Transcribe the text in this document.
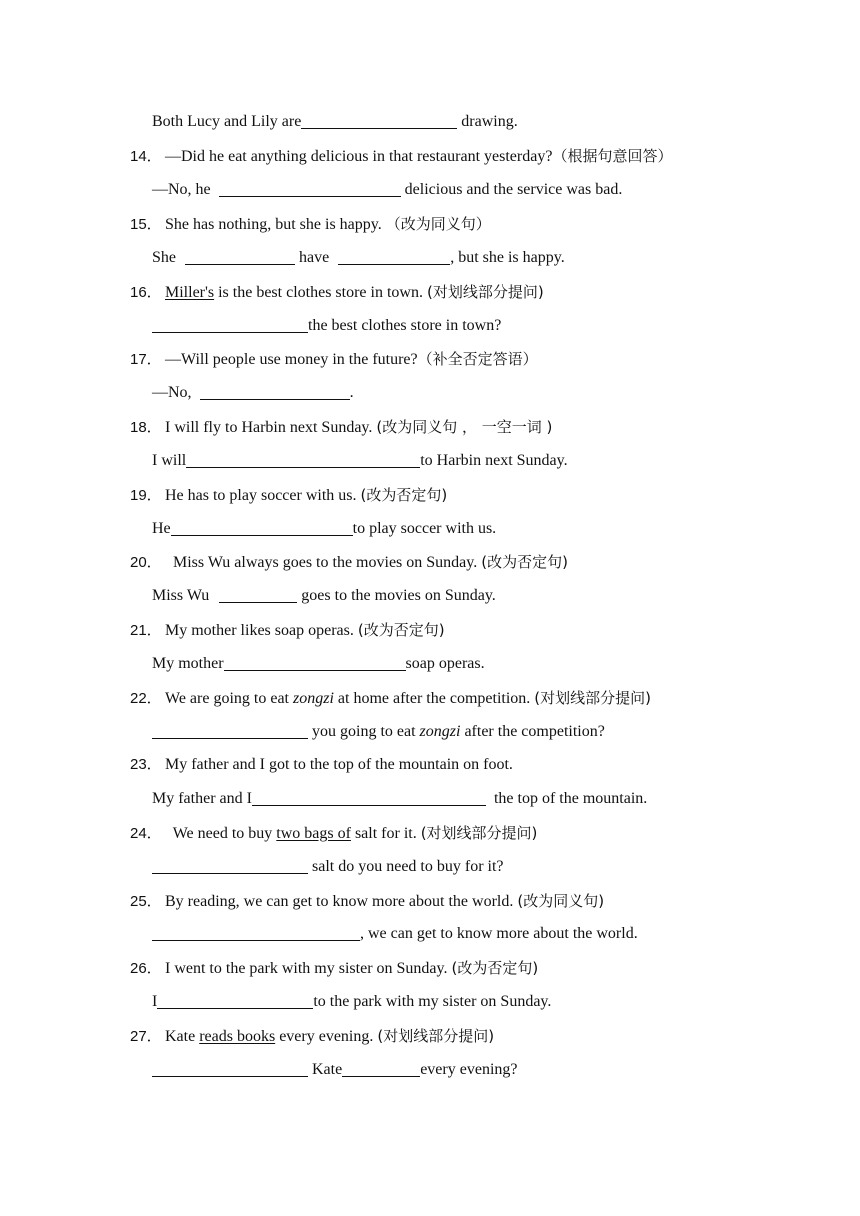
Both Lucy and Lily are	drawing.
14． —Did he eat anything delicious in that restaurant yesterday?（根据句意回答）
—No, he	delicious and the service was bad.
15． She has nothing, but she is happy. （改为同义句）
She	have	, but she is happy.
16． Miller's is the best clothes store in town. (对划线部分提问)
the best clothes store in town?
17． —Will people use money in the future?（补全否定答语）
—No,	.
18． I will fly to Harbin next Sunday. (改为同义句 ， 一空一词 )
I will	to Harbin next Sunday.
19． He has to play soccer with us. (改为否定句)
He	to play soccer with us.
20．  Miss Wu always goes to the movies on Sunday. (改为否定句)
Miss Wu	goes to the movies on Sunday.
21． My mother likes soap operas. (改为否定句)
My mother	soap operas.
22． We are going to eat zongzi at home after the competition. (对划线部分提问)
you going to eat zongzi after the competition?
23． My father and I got to the top of the mountain on foot.
My father and I	the top of the mountain.
24．  We need to buy two bags of salt for it. (对划线部分提问)
salt do you need to buy for it?
25． By reading, we can get to know more about the world. (改为同义句)
, we can get to know more about the world.
26． I went to the park with my sister on Sunday. (改为否定句)
I	to the park with my sister on Sunday.
27． Kate reads books every evening. (对划线部分提问)
Kate	every evening?
